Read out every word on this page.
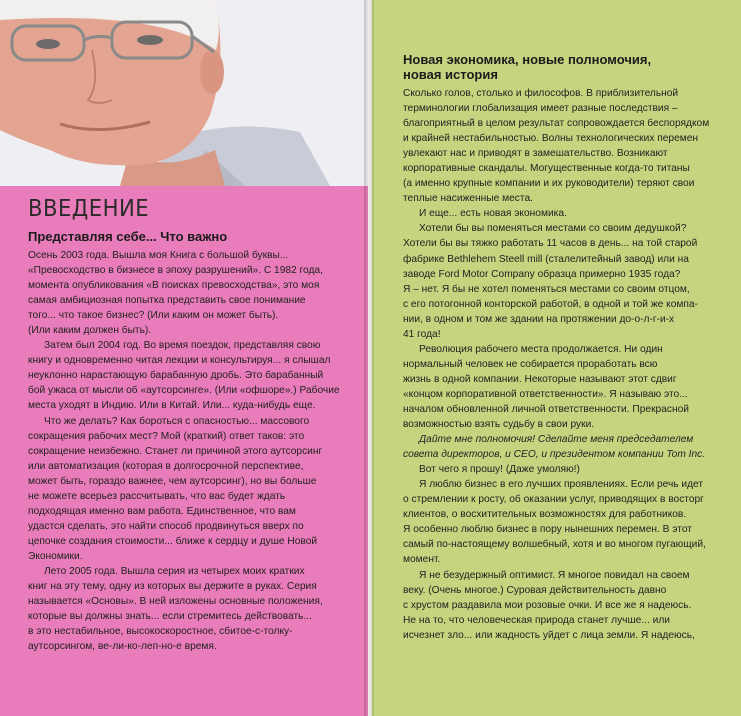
ВВЕДЕНИЕ
Представляя себе... Что важно

Осень 2003 года. Вышла моя Книга с большой буквы...
«Превосходство в бизнесе в эпоху разрушений». С 1982 года,
момента опубликования «В поисках превосходства», это моя
самая амбициозная попытка представить свое понимание
того... что такое бизнес? (Или каким он может быть).
(Или каким должен быть).

Затем был 2004 год. Во время поездок, представляя свою
книгу и одновременно читая лекции и консультируя... я слышал
неуклонно нарастающую барабанную дробь. Это барабанный
бой ужаса от мысли об «аутсорсинге». (Или «офшоре».) Рабочие
места уходят в Индию. Или в Китай. Или... куда-нибудь еще.

Что же делать? Как бороться с опасностью... массового
сокращения рабочих мест? Мой (краткий) ответ таков: это
сокращение неизбежно. Станет ли причиной этого аутсорсинг
или автоматизация (которая в долгосрочной перспективе,
может быть, гораздо важнее, чем аутсорсинг), но вы больше
не можете всерьез рассчитывать, что вас будет ждать
подходящая именно вам работа. Единственное, что вам
удастся сделать, это найти способ продвинуться вверх по
цепочке создания стоимости... ближе к сердцу и душе Новой
Экономики.

Лето 2005 года. Вышла серия из четырех моих кратких
книг на эту тему, одну из которых вы держите в руках. Серия
называется «Основы». В ней изложены основные положения,
которые вы должны знать... если стремитесь действовать...
в это нестабильное, высокоскоростное, сбитое-с-толку-
аутсорсингом, ве-ли-ко-леп-но-е время.

Новая экономика, новые полномочия,
новая история

Сколько голов, столько и философов. В приблизительной
терминологии глобализация имеет разные последствия –
благоприятный в целом результат сопровождается беспорядком
и крайней нестабильностью. Волны технологических перемен
увлекают нас и приводят в замешательство. Возникают
корпоративные скандалы. Могущественные когда-то титаны
(а именно крупные компании и их руководители) теряют свои
теплые насиженные места.

И еще... есть новая экономика.

Хотели бы вы поменяться местами со своим дедушкой?
Хотели бы вы тяжко работать 11 часов в день... на той старой
фабрике Bethlehem Steell mill (сталелитейный завод) или на
заводе Ford Motor Company образца примерно 1935 года?
Я – нет. Я бы не хотел поменяться местами со своим отцом,
с его потогонной конторской работой, в одной и той же компа-
нии, в одном и том же здании на протяжении до-о-л-г-и-х
41 года!

Революция рабочего места продолжается. Ни один
нормальный человек не собирается проработать всю
жизнь в одной компании. Некоторые называют этот сдвиг
«концом корпоративной ответственности». Я называю это...
началом обновленной личной ответственности. Прекрасной
возможностью взять судьбу в свои руки.

Дайте мне полномочия! Сделайте меня председателем
совета директоров, и CEO, и президентом компании Tom Inc.

Вот чего я прошу! (Даже умоляю!)

Я люблю бизнес в его лучших проявлениях. Если речь идет
о стремлении к росту, об оказании услуг, приводящих в восторг
клиентов, о восхитительных возможностях для работников.
Я особенно люблю бизнес в пору нынешних перемен. В этот
самый по-настоящему волшебный, хотя и во многом пугающий,
момент.

Я не безудержный оптимист. Я многое повидал на своем
веку. (Очень многое.) Суровая действительность давно
с хрустом раздавила мои розовые очки. И все же я надеюсь.
Не на то, что человеческая природа станет лучше... или
исчезнет зло... или жадность уйдет с лица земли. Я надеюсь,
